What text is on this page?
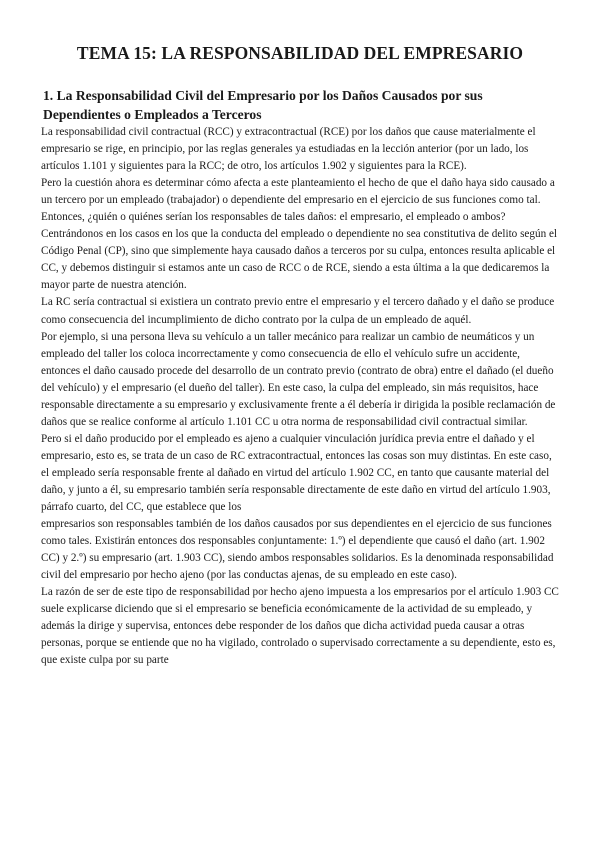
TEMA 15: LA RESPONSABILIDAD DEL EMPRESARIO
1. La Responsabilidad Civil del Empresario por los Daños Causados por sus Dependientes o Empleados a Terceros

La responsabilidad civil contractual (RCC) y extracontractual (RCE) por los daños que cause materialmente el empresario se rige, en principio, por las reglas generales ya estudiadas en la lección anterior (por un lado, los artículos 1.101 y siguientes para la RCC; de otro, los artículos 1.902 y siguientes para la RCE).

Pero la cuestión ahora es determinar cómo afecta a este planteamiento el hecho de que el daño haya sido causado a un tercero por un empleado (trabajador) o dependiente del empresario en el ejercicio de sus funciones como tal. Entonces, ¿quién o quiénes serían los responsables de tales daños: el empresario, el empleado o ambos?

Centrándonos en los casos en los que la conducta del empleado o dependiente no sea constitutiva de delito según el Código Penal (CP), sino que simplemente haya causado daños a terceros por su culpa, entonces resulta aplicable el CC, y debemos distinguir si estamos ante un caso de RCC o de RCE, siendo a esta última a la que dedicaremos la mayor parte de nuestra atención.

La RC sería contractual si existiera un contrato previo entre el empresario y el tercero dañado y el daño se produce como consecuencia del incumplimiento de dicho contrato por la culpa de un empleado de aquél.

Por ejemplo, si una persona lleva su vehículo a un taller mecánico para realizar un cambio de neumáticos y un empleado del taller los coloca incorrectamente y como consecuencia de ello el vehículo sufre un accidente, entonces el daño causado procede del desarrollo de un contrato previo (contrato de obra) entre el dañado (el dueño del vehículo) y el empresario (el dueño del taller). En este caso, la culpa del empleado, sin más requisitos, hace responsable directamente a su empresario y exclusivamente frente a él debería ir dirigida la posible reclamación de daños que se realice conforme al artículo 1.101 CC u otra norma de responsabilidad civil contractual similar.

Pero si el daño producido por el empleado es ajeno a cualquier vinculación jurídica previa entre el dañado y el empresario, esto es, se trata de un caso de RC extracontractual, entonces las cosas son muy distintas. En este caso, el empleado sería responsable frente al dañado en virtud del artículo 1.902 CC, en tanto que causante material del daño, y junto a él, su empresario también sería responsable directamente de este daño en virtud del artículo 1.903, párrafo cuarto, del CC, que establece que los

empresarios son responsables también de los daños causados por sus dependientes en el ejercicio de sus funciones como tales. Existirán entonces dos responsables conjuntamente: 1.º) el dependiente que causó el daño (art. 1.902 CC) y 2.º) su empresario (art. 1.903 CC), siendo ambos responsables solidarios. Es la denominada responsabilidad civil del empresario por hecho ajeno (por las conductas ajenas, de su empleado en este caso).

La razón de ser de este tipo de responsabilidad por hecho ajeno impuesta a los empresarios por el artículo 1.903 CC suele explicarse diciendo que si el empresario se beneficia económicamente de la actividad de su empleado, y además la dirige y supervisa, entonces debe responder de los daños que dicha actividad pueda causar a otras personas, porque se entiende que no ha vigilado, controlado o supervisado correctamente a su dependiente, esto es, que existe culpa por su parte
